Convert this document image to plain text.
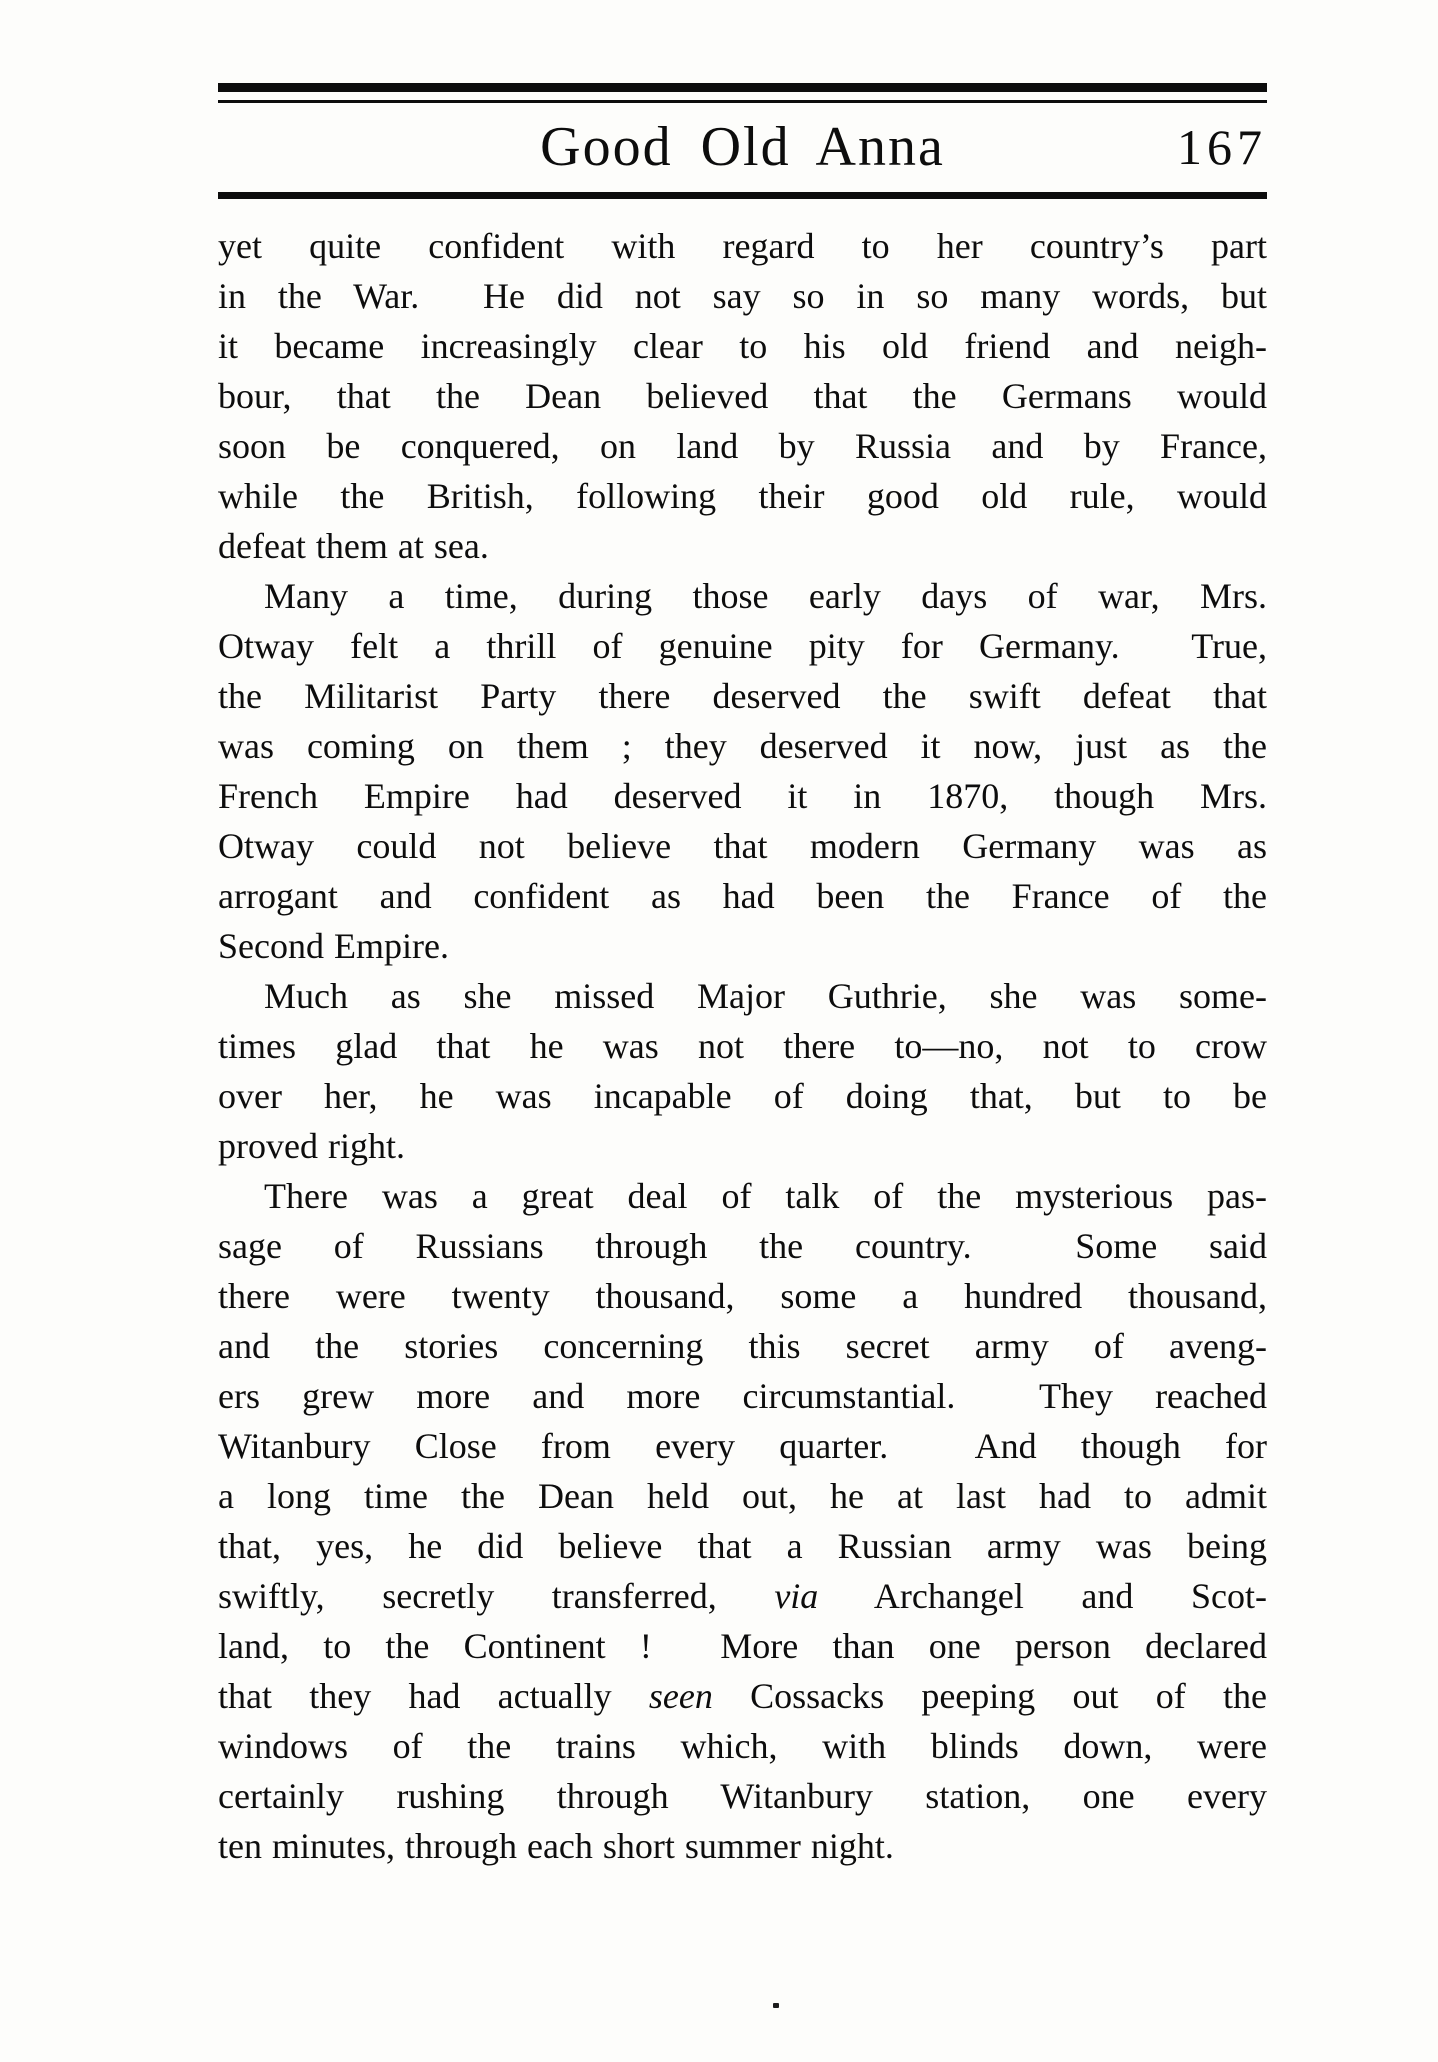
Good Old Anna	167
yet quite confident with regard to her country’s part
in the War.  He did not say so in so many words, but
it became increasingly clear to his old friend and neigh-
bour, that the Dean believed that the Germans would
soon be conquered, on land by Russia and by France,
while the British, following their good old rule, would
defeat them at sea.
Many a time, during those early days of war, Mrs.
Otway felt a thrill of genuine pity for Germany.  True,
the Militarist Party there deserved the swift defeat that
was coming on them ; they deserved it now, just as the
French Empire had deserved it in 1870, though Mrs.
Otway could not believe that modern Germany was as
arrogant and confident as had been the France of the
Second Empire.
Much as she missed Major Guthrie, she was some-
times glad that he was not there to—no, not to crow
over her, he was incapable of doing that, but to be
proved right.
There was a great deal of talk of the mysterious pas-
sage of Russians through the country.  Some said
there were twenty thousand, some a hundred thousand,
and the stories concerning this secret army of aveng-
ers grew more and more circumstantial.  They reached
Witanbury Close from every quarter.  And though for
a long time the Dean held out, he at last had to admit
that, yes, he did believe that a Russian army was being
swiftly, secretly transferred, via Archangel and Scot-
land, to the Continent !  More than one person declared
that they had actually seen Cossacks peeping out of the
windows of the trains which, with blinds down, were
certainly rushing through Witanbury station, one every
ten minutes, through each short summer night.
